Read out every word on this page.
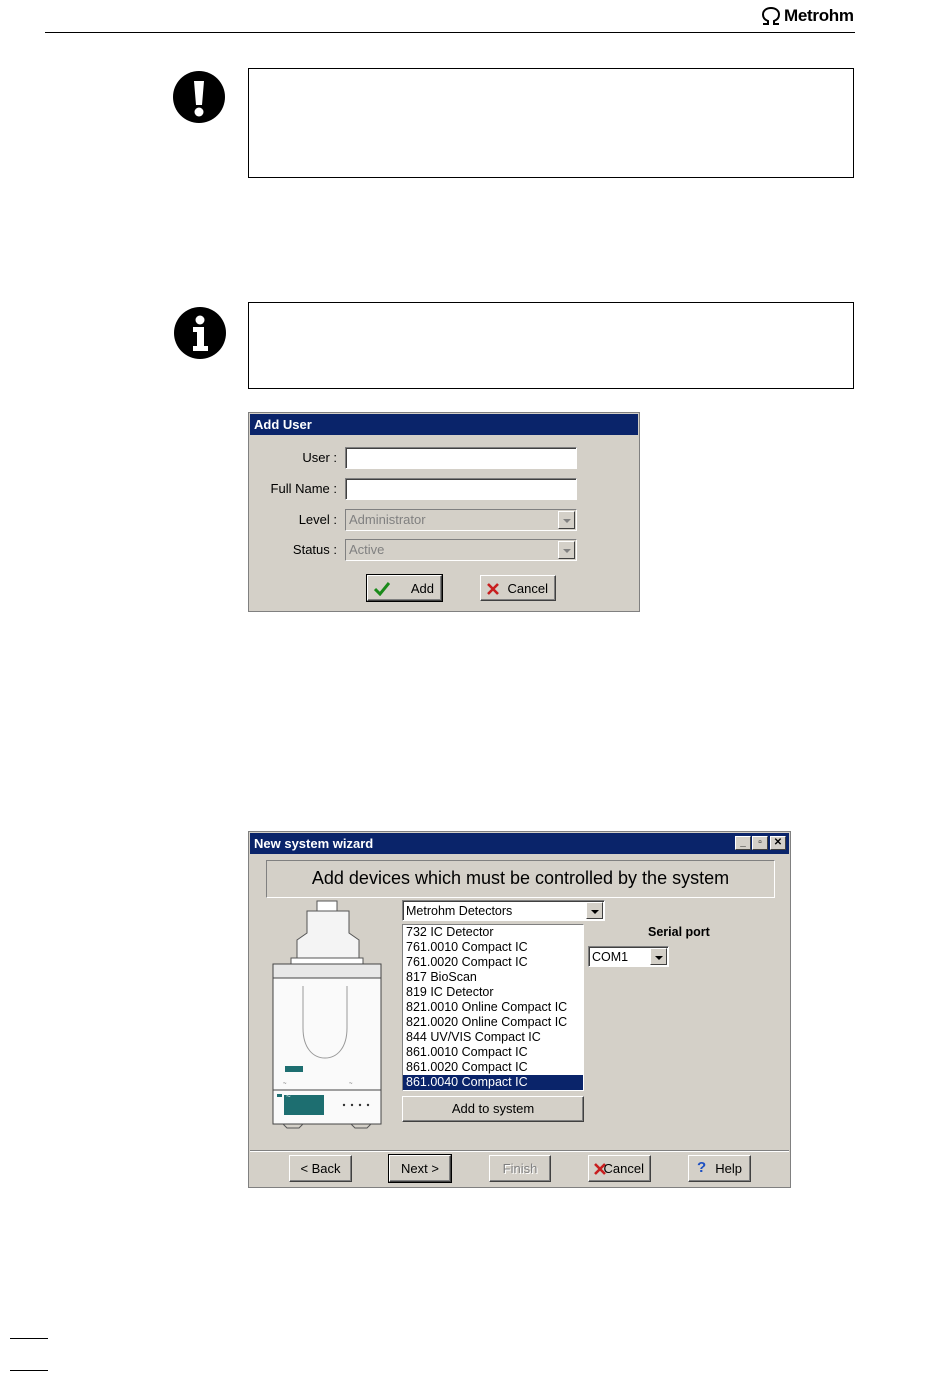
Metrohm
Add User
User :
Full Name :
Level : Administrator
Status : Active
Add	Cancel
New system wizard	_	▫	✕
Add devices which must be controlled by the system
~	~
~
Metrohm Detectors
732 IC Detector
761.0010 Compact IC
761.0020 Compact IC
817 BioScan
819 IC Detector
821.0010 Online Compact IC
821.0020 Online Compact IC
844 UV/VIS Compact IC
861.0010 Compact IC
861.0020 Compact IC
861.0040 Compact IC
Add to system
Serial port
COM1
< Back	Next >	Finish	Cancel	? Help
